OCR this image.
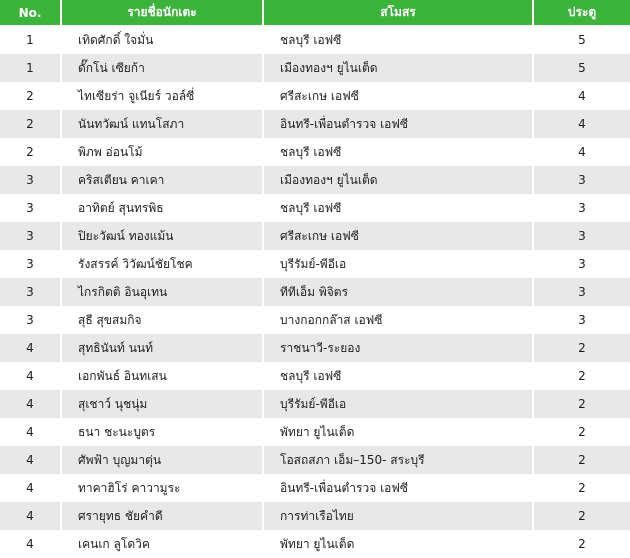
No.	รายชื่อนักเตะ	สโมสร	ประตู
1	เทิดศักดิ์ ใจมั่น	ชลบุรี เอฟซี	5
1	ดั๊กโน่ เซียก้า	เมืองทองฯ ยูไนเต็ด	5
2	ไทเซียร่า จูเนียร์ วอล์ซี่	ศรีสะเกษ เอฟซี	4
2	นันทวัฒน์ แทนโสภา	อินทรี-เพื่อนตำรวจ เอฟซี	4
2	พิภพ อ่อนโม้	ชลบุรี เอฟซี	4
3	คริสเตียน คาเคา	เมืองทองฯ ยูไนเต็ด	3
3	อาทิตย์ สุนทรพิธ	ชลบุรี เอฟซี	3
3	ปิยะวัฒน์ ทองแม้น	ศรีสะเกษ เอฟซี	3
3	รังสรรค์ วิวัฒน์ชัยโชค	บุรีรัมย์-พีอีเอ	3
3	ไกรกิตติ อินอุเทน	ทีทีเอ็ม พิจิตร	3
3	สุธี สุขสมกิจ	บางกอกกล๊าส เอฟซี	3
4	สุทธินันท์ นนท์	ราชนาวี-ระยอง	2
4	เอกพันธ์ อินทเสน	ชลบุรี เอฟซี	2
4	สุเชาว์ นุชนุ่ม	บุรีรัมย์-พีอีเอ	2
4	ธนา ชะนะบูตร	พัทยา ยูไนเต็ด	2
4	ศัพฟ้า บุญมาตุ่น	โอสถสภา เอ็ม–150- สระบุรี	2
4	ทาคาฮิโร่ คาวามูระ	อินทรี-เพื่อนตำรวจ เอฟซี	2
4	ศรายุทธ ชัยคำดี	การท่าเรือไทย	2
4	เคนเก ลูโดวิค	พัทยา ยูไนเต็ด	2
